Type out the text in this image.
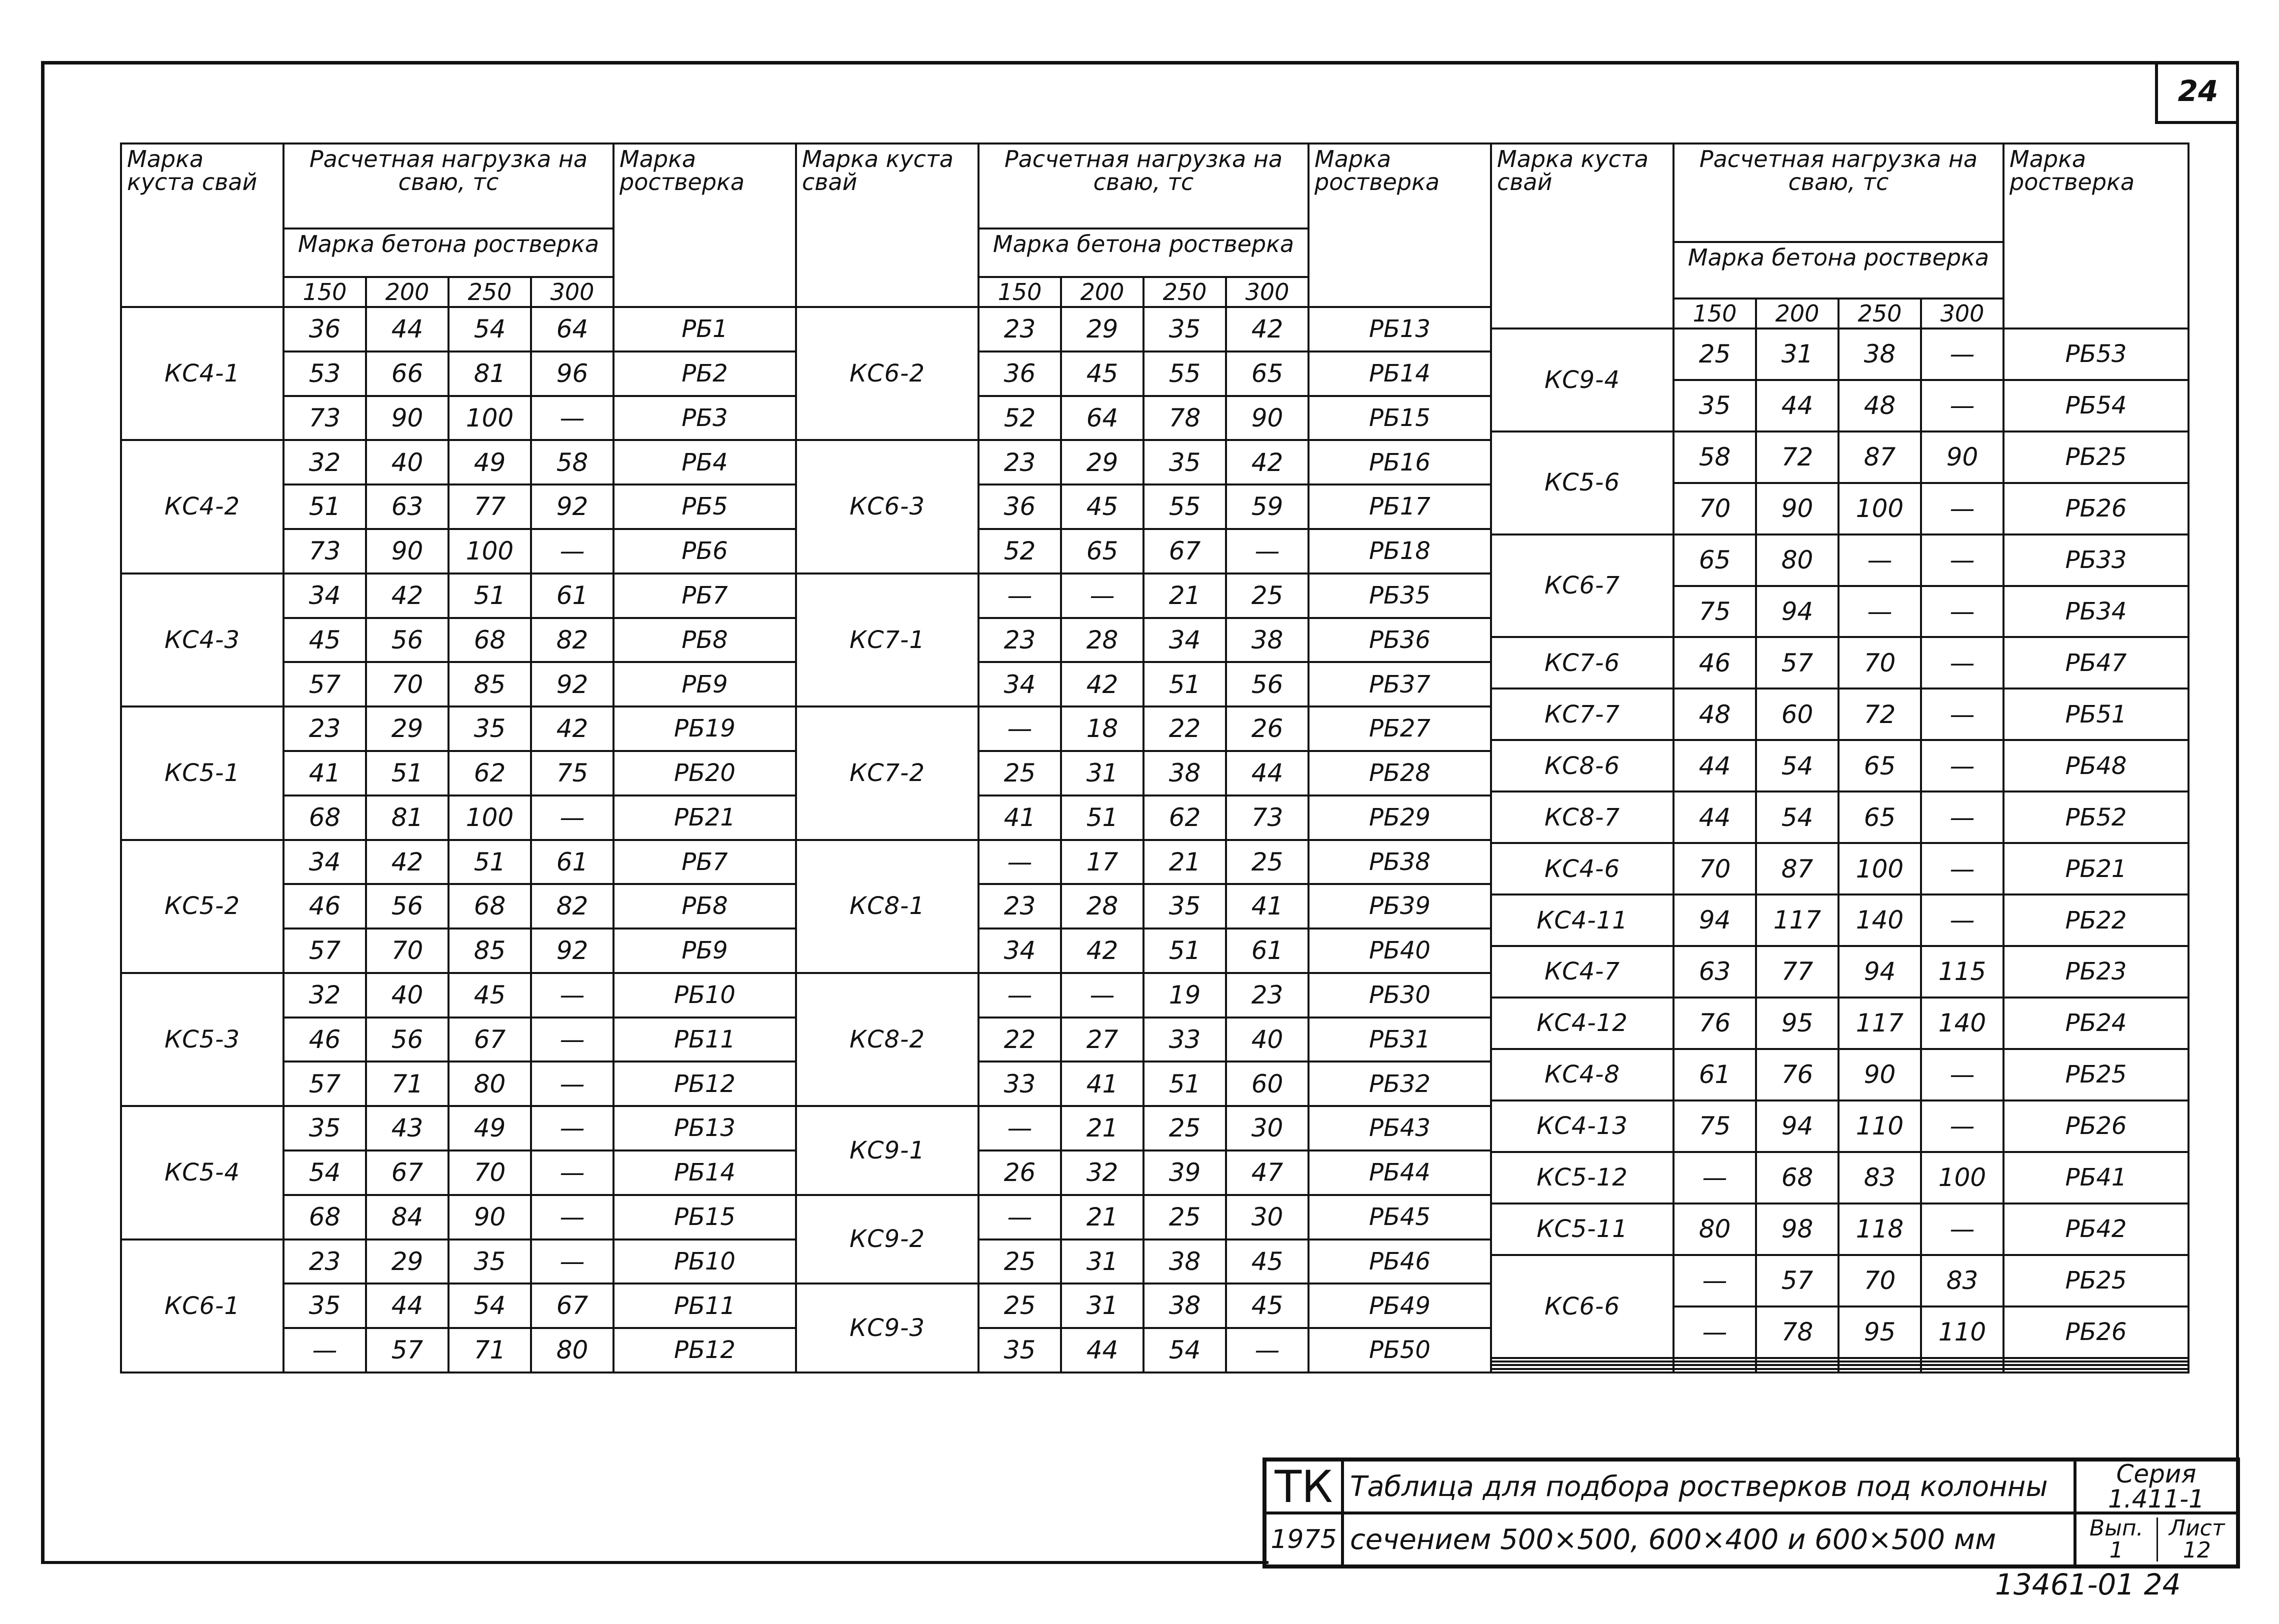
24
Марка куста свай	Расчетная нагрузка на сваю, тс				Марка ростверка
	Марка бетона ростверка				
	150	200	250	300	
КС4-1	36	44	54	64	РБ1
	53	66	81	96	РБ2
	73	90	100	—	РБ3
КС4-2	32	40	49	58	РБ4
	51	63	77	92	РБ5
	73	90	100	—	РБ6
КС4-3	34	42	51	61	РБ7
	45	56	68	82	РБ8
	57	70	85	92	РБ9
КС5-1	23	29	35	42	РБ19
	41	51	62	75	РБ20
	68	81	100	—	РБ21
КС5-2	34	42	51	61	РБ7
	46	56	68	82	РБ8
	57	70	85	92	РБ9
КС5-3	32	40	45	—	РБ10
	46	56	67	—	РБ11
	57	71	80	—	РБ12
КС5-4	35	43	49	—	РБ13
	54	67	70	—	РБ14
	68	84	90	—	РБ15
КС6-1	23	29	35	—	РБ10
	35	44	54	67	РБ11
	—	57	71	80	РБ12
Марка куста свай	Расчетная нагрузка на сваю, тс				Марка ростверка
	Марка бетона ростверка				
	150	200	250	300	
КС6-2	23	29	35	42	РБ13
	36	45	55	65	РБ14
	52	64	78	90	РБ15
КС6-3	23	29	35	42	РБ16
	36	45	55	59	РБ17
	52	65	67	—	РБ18
КС7-1	—	—	21	25	РБ35
	23	28	34	38	РБ36
	34	42	51	56	РБ37
КС7-2	—	18	22	26	РБ27
	25	31	38	44	РБ28
	41	51	62	73	РБ29
КС8-1	—	17	21	25	РБ38
	23	28	35	41	РБ39
	34	42	51	61	РБ40
КС8-2	—	—	19	23	РБ30
	22	27	33	40	РБ31
	33	41	51	60	РБ32
КС9-1	—	21	25	30	РБ43
	26	32	39	47	РБ44
КС9-2	—	21	25	30	РБ45
	25	31	38	45	РБ46
КС9-3	25	31	38	45	РБ49
	35	44	54	—	РБ50
Марка куста свай	Расчетная нагрузка на сваю, тс				Марка ростверка
	Марка бетона ростверка				
	150	200	250	300	
КС9-4	25	31	38	—	РБ53
	35	44	48	—	РБ54
КС5-6	58	72	87	90	РБ25
	70	90	100	—	РБ26
КС6-7	65	80	—	—	РБ33
	75	94	—	—	РБ34
КС7-6	46	57	70	—	РБ47
КС7-7	48	60	72	—	РБ51
КС8-6	44	54	65	—	РБ48
КС8-7	44	54	65	—	РБ52
КС4-6	70	87	100	—	РБ21
КС4-11	94	117	140	—	РБ22
КС4-7	63	77	94	115	РБ23
КС4-12	76	95	117	140	РБ24
КС4-8	61	76	90	—	РБ25
КС4-13	75	94	110	—	РБ26
КС5-12	—	68	83	100	РБ41
КС5-11	80	98	118	—	РБ42
КС6-6	—	57	70	83	РБ25
	—	78	95	110	РБ26

ТК Таблица для подбора ростверков под колонны	Серия
1.411-1
1975 сечением 500×500, 600×400 и 600×500 мм	Вып.
1
Лист
12
13461-01 24
